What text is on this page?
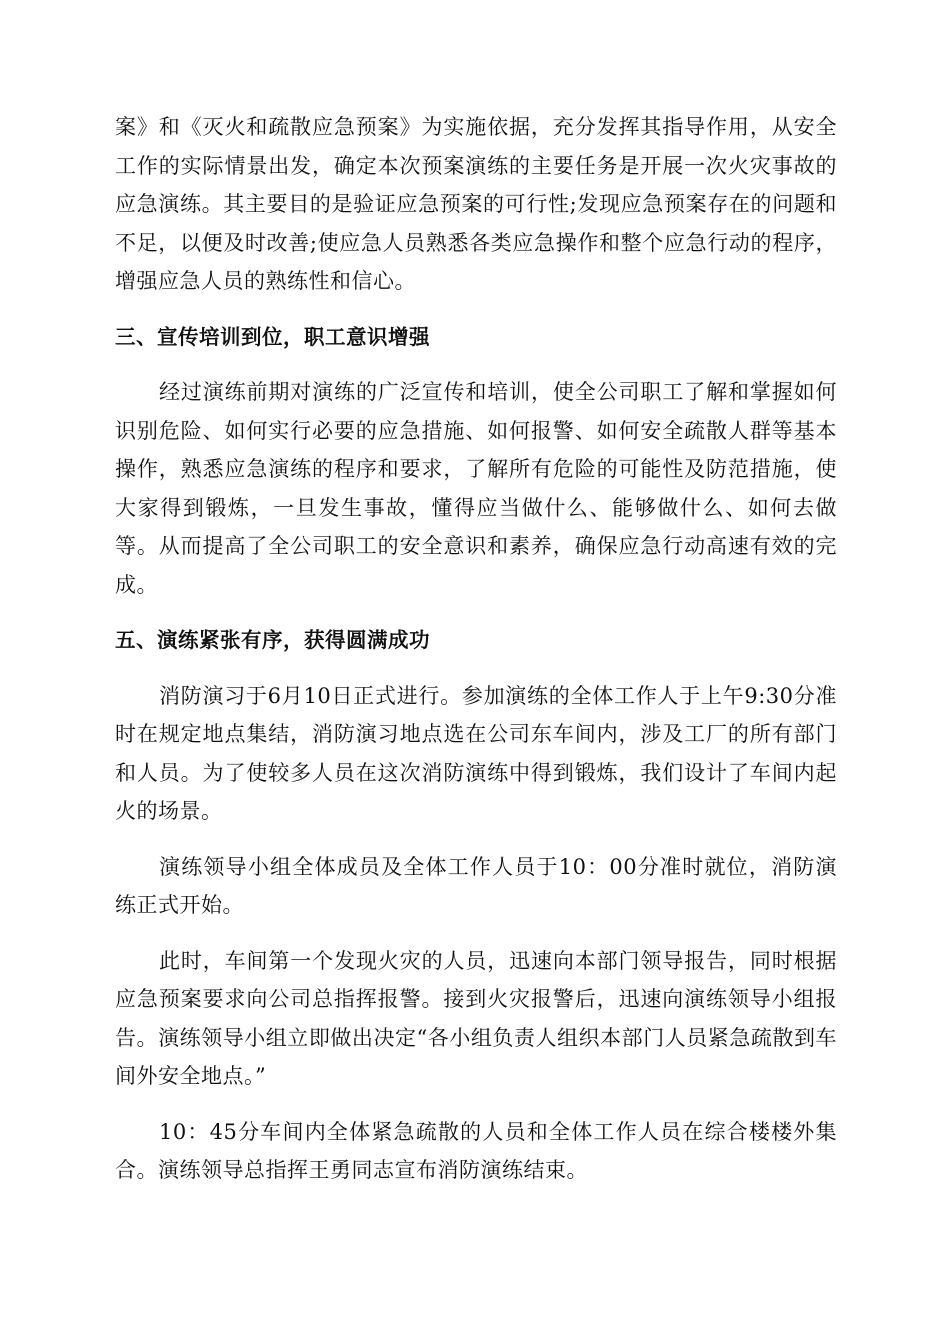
案》和《灭火和疏散应急预案》为实施依据，充分发挥其指导作用，从安全工作的实际情景出发，确定本次预案演练的主要任务是开展一次火灾事故的应急演练。其主要目的是验证应急预案的可行性;发现应急预案存在的问题和不足，以便及时改善;使应急人员熟悉各类应急操作和整个应急行动的程序，增强应急人员的熟练性和信心。

三、宣传培训到位，职工意识增强

经过演练前期对演练的广泛宣传和培训，使全公司职工了解和掌握如何识别危险、如何实行必要的应急措施、如何报警、如何安全疏散人群等基本操作，熟悉应急演练的程序和要求，了解所有危险的可能性及防范措施，使大家得到锻炼，一旦发生事故，懂得应当做什么、能够做什么、如何去做等。从而提高了全公司职工的安全意识和素养，确保应急行动高速有效的完成。

五、演练紧张有序，获得圆满成功

消防演习于6月10日正式进行。参加演练的全体工作人于上午9:30分准时在规定地点集结，消防演习地点选在公司东车间内，涉及工厂的所有部门和人员。为了使较多人员在这次消防演练中得到锻炼，我们设计了车间内起火的场景。

演练领导小组全体成员及全体工作人员于10：00分准时就位，消防演练正式开始。

此时，车间第一个发现火灾的人员，迅速向本部门领导报告，同时根据应急预案要求向公司总指挥报警。接到火灾报警后，迅速向演练领导小组报告。演练领导小组立即做出决定“各小组负责人组织本部门人员紧急疏散到车间外安全地点。”

10：45分车间内全体紧急疏散的人员和全体工作人员在综合楼楼外集合。演练领导总指挥王勇同志宣布消防演练结束。
